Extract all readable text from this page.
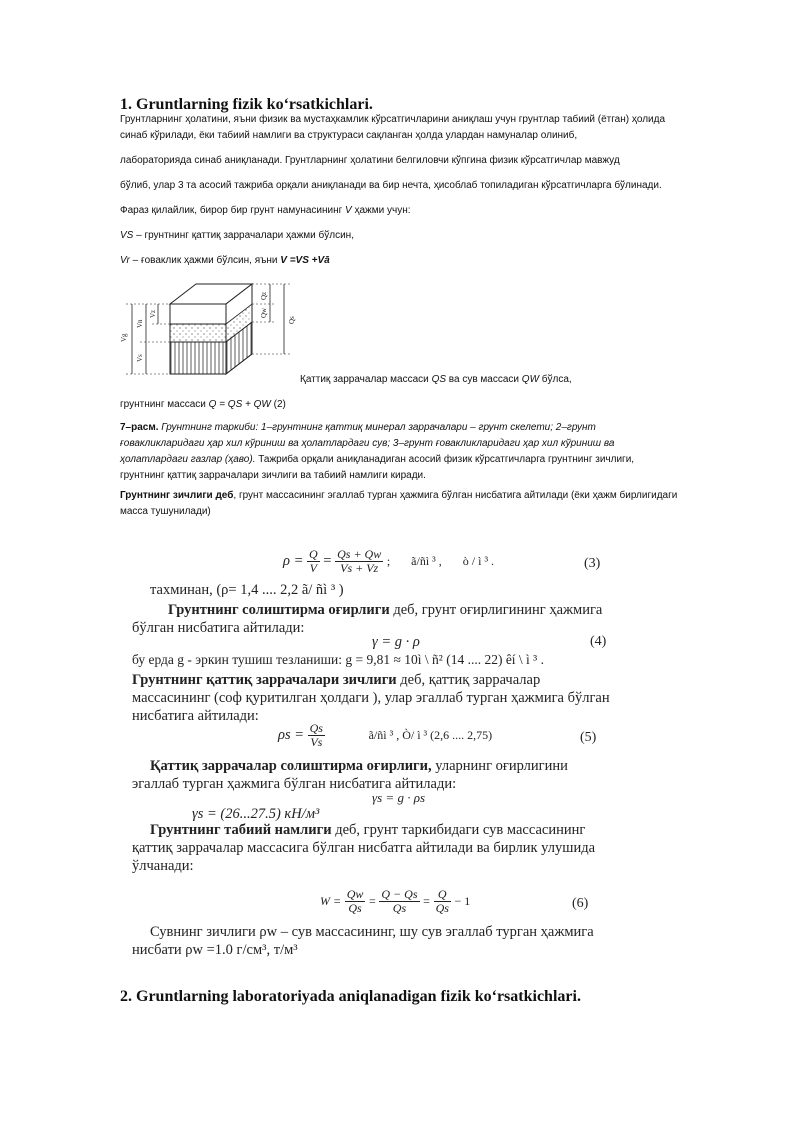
1. Gruntlarning fizik ko‘rsatkichlari.

Грунтларнинг ҳолатини, яъни физик ва мустаҳкамлик кўрсатгичларини аниқлаш учун грунтлар табиий (ётган) ҳолида

синаб кўрилади, ёки табиий намлиги ва структураси сақланган ҳолда улардан намуналар олиниб,

лабораторияда синаб аниқланади. Грунтларнинг ҳолатини белгиловчи кўпгина физик кўрсатгичлар мавжуд

бўлиб, улар 3 та асосий тажриба орқали аниқланади ва бир нечта, ҳисоблаб топиладиган кўрсатгичларга бўлинади.

Фараз қилайлик, бирор бир грунт намунасининг V ҳажми учун:

VS – грунтнинг қаттиқ заррачалари ҳажми бўлсин,

Vr – ғоваклик ҳажми бўлсин, яъни V =VS +Vā

Vg
Vn
Vz
Vs
Qz
Qw
Qs

Қаттиқ заррачалар массаси QS ва сув массаси QW бўлса,

грунтнинг массаси Q = QS + QW (2)

7–расм. Грунтнинг таркиби: 1–грунтнинг қаттиқ минерал заррачалари – грунт скелети; 2–грунт ғовакликларидаги ҳар хил кўриниш ва ҳолатлардаги сув; 3–грунт ғовакликларидаги ҳар хил кўриниш ва ҳолатлардаги газлар (ҳаво). Тажриба орқали аниқланадиган асосий физик кўрсатгичларга грунтнинг зичлиги, грунтнинг қаттиқ заррачалари зичлиги ва табиий намлиги киради.

Грунтнинг зичлиги деб, грунт массасининг эгаллаб турган ҳажмига бўлган нисбатига айтилади (ёки ҳажм бирлигидаги масса тушунилади)

$\rho = \frac{Q}{V} = \frac{Qs + Qw}{Vs + Vz}$ ;       ã/ñì ³ ,       ò / ì ³ .	(3)
тахминан, (ρ= 1,4 .... 2,2 ã/ ñì ³ )
Грунтнинг солиштирма оғирлиги деб, грунт оғирлигининг ҳажмига
бўлган нисбатига айтилади:
γ = g · ρ	(4)
бу ерда g - эркин тушиш тезланиши: g = 9,81 ≈ 10ì \ ñ² (14 .... 22) êí \ ì ³ .
Грунтнинг қаттиқ заррачалари зичлиги деб, қаттиқ заррачалар
массасининг (соф қуритилган ҳолдаги ), улар эгаллаб турган ҳажмига бўлган
нисбатига айтилади:
$\rho s = \frac{Qs}{Vs}$	ã/ñì ³ , Ò/ ì ³ (2,6 .... 2,75)	(5)
Қаттиқ заррачалар солиштирма оғирлиги, уларнинг оғирлигини
эгаллаб турган ҳажмига бўлган нисбатига айтилади:
γs = g · ρs
γs = (26...27.5) кН/м³
Грунтнинг табиий намлиги деб, грунт таркибидаги сув массасининг
қаттиқ заррачалар массасига бўлган нисбатга айтилади ва бирлик улушида
ўлчанади:
$W = \frac{Qw}{Qs} = \frac{Q - Qs}{Qs} = \frac{Q}{Qs} - 1$	(6)
Сувнинг зичлиги ρw – сув массасининг, шу сув эгаллаб турган ҳажмига
нисбати ρw =1.0 г/см³, т/м³
2. Gruntlarning laboratoriyada aniqlanadigan fizik ko‘rsatkichlari.
